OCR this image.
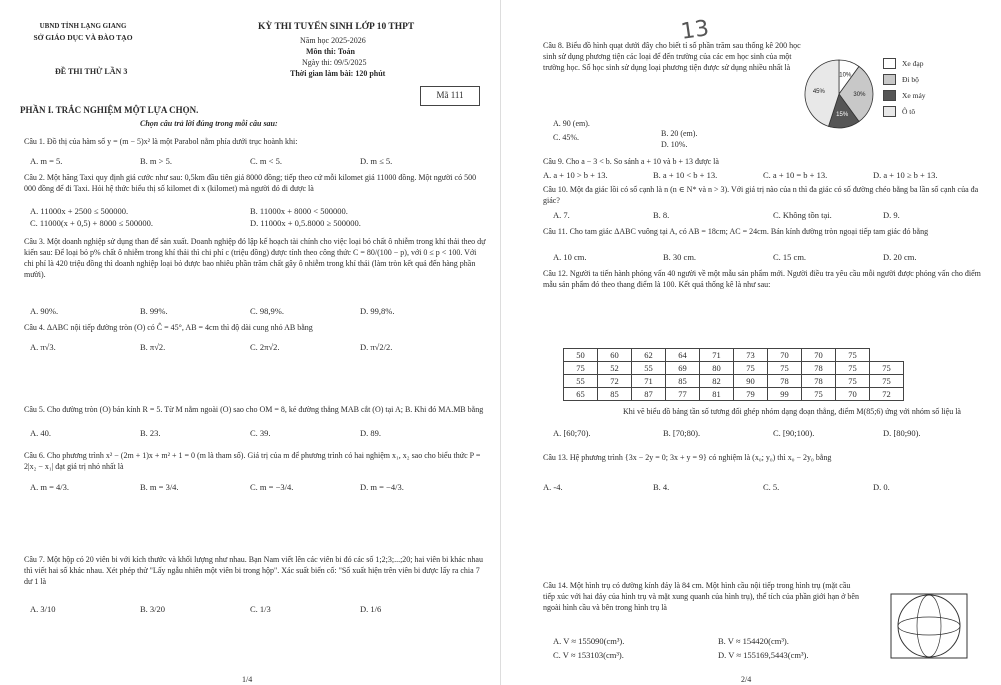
UBND TỈNH LẠNG GIANG
SỞ GIÁO DỤC VÀ ĐÀO TẠO
ĐỀ THI THỬ LẦN 3
KỲ THI TUYỂN SINH LỚP 10 THPT
Năm học 2025-2026
Môn thi: Toán
Ngày thi: 09/5/2025
Thời gian làm bài: 120 phút
Mã 111
PHẦN I. TRẮC NGHIỆM MỘT LỰA CHỌN.
Chọn câu trả lời đúng trong mỗi câu sau:
Câu 1. Đồ thị của hàm số y = (m − 5)x² là một Parabol nằm phía dưới trục hoành khi:
A. m = 5.	B. m > 5.	C. m < 5.	D. m ≤ 5.
Câu 2. Một hãng Taxi quy định giá cước như sau: 0,5km đầu tiên giá 8000 đồng; tiếp theo cứ mỗi kilomet giá 11000 đồng. Một người có 500 000 đồng để đi Taxi. Hỏi hệ thức biểu thị số kilomet đi x (kilomet) mà người đó đi được là
A. 11000x + 2500 ≤ 500000.	B. 11000x + 8000 < 500000.
C. 11000(x + 0,5) + 8000 ≤ 500000.	D. 11000x + 0,5.8000 ≥ 500000.
Câu 3. Một doanh nghiệp sử dụng than để sản xuất. Doanh nghiệp đó lập kế hoạch tài chính cho việc loại bỏ chất ô nhiễm trong khí thải theo dự kiến sau: Để loại bỏ p% chất ô nhiễm trong khí thải thì chi phí c (triệu đồng) được tính theo công thức C = 80/(100 − p), với 0 ≤ p < 100. Với chi phí là 420 triệu đồng thì doanh nghiệp loại bỏ được bao nhiêu phần trăm chất gây ô nhiễm trong khí thải (làm tròn kết quả đến hàng phần mười).
A. 90%.	B. 99%.	C. 98,9%.	D. 99,8%.
Câu 4. ΔABC nội tiếp đường tròn (O) có Ĉ = 45°, AB = 4cm thì độ dài cung nhỏ AB bằng
A. π√3.	B. π√2.	C. 2π√2.	D. π√2/2.
Câu 5. Cho đường tròn (O) bán kính R = 5. Từ M nằm ngoài (O) sao cho OM = 8, kẻ đường thẳng MAB cắt (O) tại A; B. Khi đó MA.MB bằng
A. 40.	B. 23.	C. 39.	D. 89.
Câu 6. Cho phương trình x² − (2m + 1)x + m² + 1 = 0 (m là tham số). Giá trị của m để phương trình có hai nghiệm x₁, x₂ sao cho biểu thức P = 2|x₂ − x₁| đạt giá trị nhỏ nhất là
A. m = 4/3.	B. m = 3/4.	C. m = −3/4.	D. m = −4/3.
Câu 7. Một hộp có 20 viên bi với kích thước và khối lượng như nhau. Bạn Nam viết lên các viên bi đó các số 1;2;3;...;20; hai viên bi khác nhau thì viết hai số khác nhau. Xét phép thử "Lấy ngẫu nhiên một viên bi trong hộp". Xác suất biến cố: "Số xuất hiện trên viên bi được lấy ra chia 7 dư 1 là
A. 3/10	B. 3/20	C. 1/3	D. 1/6
1/4
13
Câu 8. Biểu đồ hình quạt dưới đây cho biết tỉ số phần trăm sau thống kê 200 học sinh sử dụng phương tiện các loại để đến trường của các em học sinh của một trường học. Số học sinh sử dụng loại phương tiện được sử dụng nhiều nhất là
A. 90 (em).
B. 20 (em).
C. 45%.
D. 10%.
10%
30%
15%
45%
Xe đạp
Đi bộ
Xe máy
Ô tô
Câu 9. Cho a − 3 < b. So sánh a + 10 và b + 13 được là
A. a + 10 > b + 13.	B. a + 10 < b + 13.	C. a + 10 = b + 13.	D. a + 10 ≥ b + 13.
Câu 10. Một đa giác lồi có số cạnh là n (n ∈ N* và n > 3). Với giá trị nào của n thì đa giác có số đường chéo bằng ba lần số cạnh của đa giác?
A. 7.	B. 8.	C. Không tồn tại.	D. 9.
Câu 11. Cho tam giác ΔABC vuông tại A, có AB = 18cm; AC = 24cm. Bán kính đường tròn ngoại tiếp tam giác đó bằng
A. 10 cm.	B. 30 cm.	C. 15 cm.	D. 20 cm.
Câu 12. Người ta tiến hành phỏng vấn 40 người về một mẫu sản phẩm mới. Người điều tra yêu cầu mỗi người được phỏng vấn cho điểm mẫu sản phẩm đó theo thang điểm là 100. Kết quả thống kê là như sau:
50	60	62	64	71	73	70	70	75	
75	52	55	69	80	75	75	78	75	75
55	72	71	85	82	90	78	78	75	75
65	85	87	77	81	79	99	75	70	72
Khi vẽ biểu đồ bảng tần số tương đối ghép nhóm dạng đoạn thẳng, điểm M(85;6) ứng với nhóm số liệu là
A. [60;70).	B. [70;80).	C. [90;100).	D. [80;90).
Câu 13. Hệ phương trình {3x − 2y = 0; 3x + y = 9} có nghiệm là (x₀; y₀) thì x₀ − 2y₀ bằng
A. -4.	B. 4.	C. 5.	D. 0.
Câu 14. Một hình trụ có đường kính đáy là 84 cm. Một hình cầu nội tiếp trong hình trụ (mặt cầu tiếp xúc với hai đáy của hình trụ và mặt xung quanh của hình trụ), thể tích của phần giới hạn ở bên ngoài hình cầu và bên trong hình trụ là
A. V ≈ 155090(cm³).	B. V ≈ 154420(cm³).
C. V ≈ 153103(cm³).	D. V ≈ 155169,5443(cm³).
2/4
